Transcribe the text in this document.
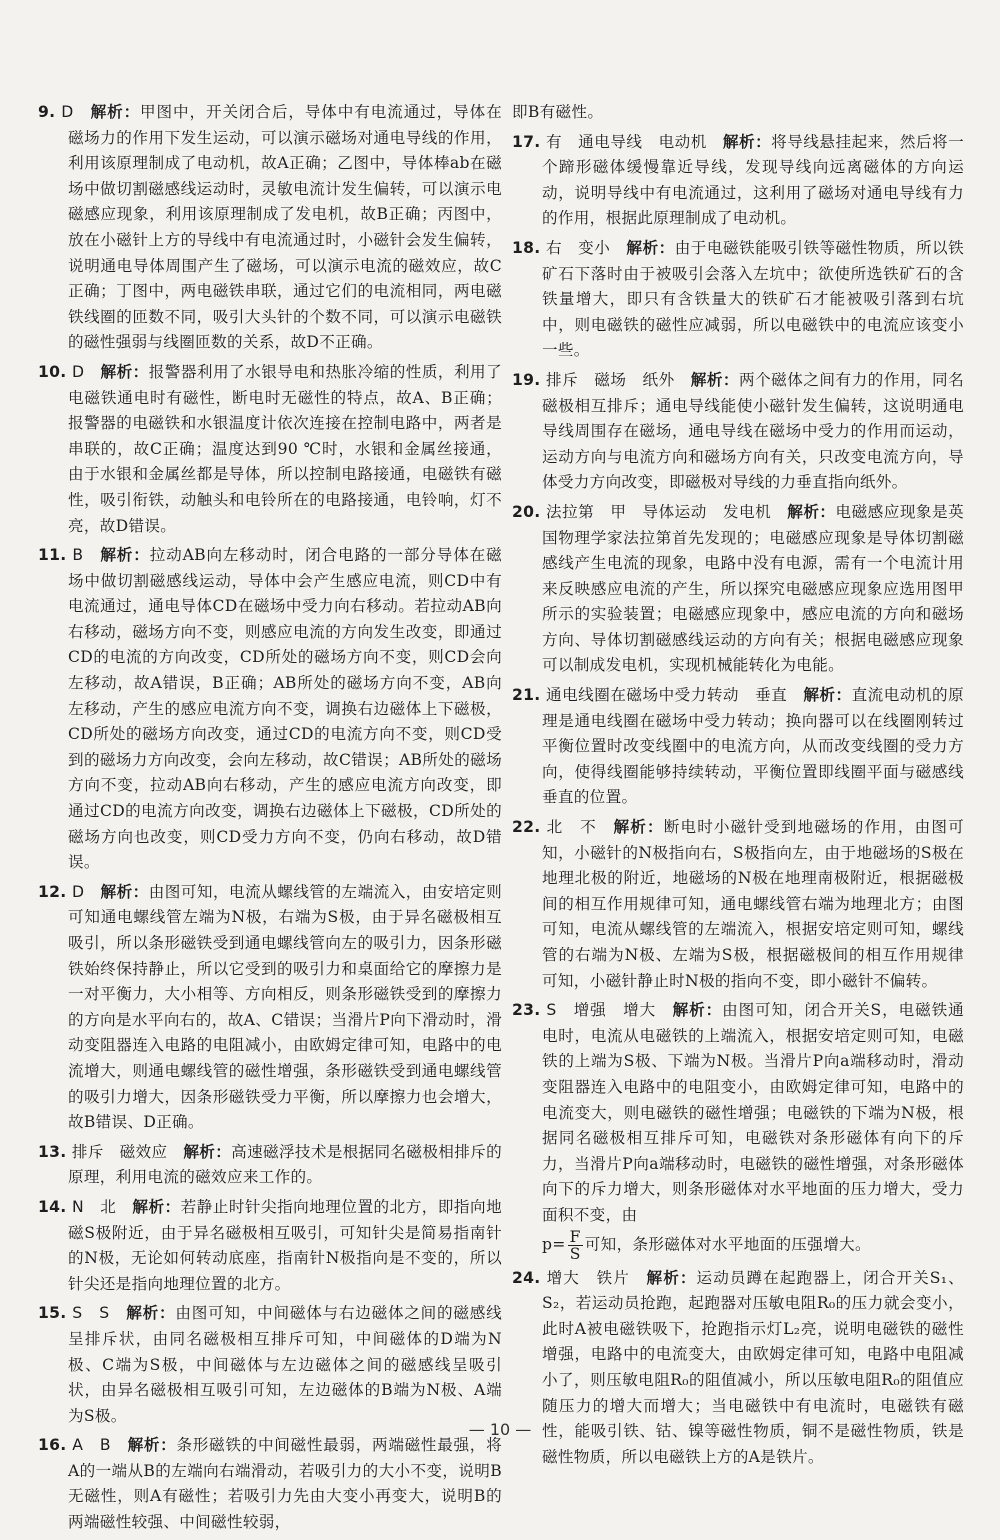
9. D　 解析：甲图中，开关闭合后，导体中有电流通过，导体在磁场力的作用下发生运动，可以演示磁场对通电导线的作用，利用该原理制成了电动机，故A正确；乙图中，导体棒ab在磁场中做切割磁感线运动时，灵敏电流计发生偏转，可以演示电磁感应现象，利用该原理制成了发电机，故B正确；丙图中，放在小磁针上方的导线中有电流通过时，小磁针会发生偏转，说明通电导体周围产生了磁场，可以演示电流的磁效应，故C正确；丁图中，两电磁铁串联，通过它们的电流相同，两电磁铁线圈的匝数不同，吸引大头针的个数不同，可以演示电磁铁的磁性强弱与线圈匝数的关系，故D不正确。

10. D　 解析：报警器利用了水银导电和热胀冷缩的性质，利用了电磁铁通电时有磁性，断电时无磁性的特点，故A、B正确；报警器的电磁铁和水银温度计依次连接在控制电路中，两者是串联的，故C正确；温度达到90 ℃时，水银和金属丝接通，由于水银和金属丝都是导体，所以控制电路接通，电磁铁有磁性，吸引衔铁，动触头和电铃所在的电路接通，电铃响，灯不亮，故D错误。

11. B　 解析：拉动AB向左移动时，闭合电路的一部分导体在磁场中做切割磁感线运动，导体中会产生感应电流，则CD中有电流通过，通电导体CD在磁场中受力向右移动。若拉动AB向右移动，磁场方向不变，则感应电流的方向发生改变，即通过CD的电流的方向改变，CD所处的磁场方向不变，则CD会向左移动，故A错误，B正确；AB所处的磁场方向不变，AB向左移动，产生的感应电流方向不变，调换右边磁体上下磁极，CD所处的磁场方向改变，通过CD的电流方向不变，则CD受到的磁场力方向改变，会向左移动，故C错误；AB所处的磁场方向不变，拉动AB向右移动，产生的感应电流方向改变，即通过CD的电流方向改变，调换右边磁体上下磁极，CD所处的磁场方向也改变，则CD受力方向不变，仍向右移动，故D错误。

12. D　 解析：由图可知，电流从螺线管的左端流入，由安培定则可知通电螺线管左端为N极，右端为S极，由于异名磁极相互吸引，所以条形磁铁受到通电螺线管向左的吸引力，因条形磁铁始终保持静止，所以它受到的吸引力和桌面给它的摩擦力是一对平衡力，大小相等、方向相反，则条形磁铁受到的摩擦力的方向是水平向右的，故A、C错误；当滑片P向下滑动时，滑动变阻器连入电路的电阻减小，由欧姆定律可知，电路中的电流增大，则通电螺线管的磁性增强，条形磁铁受到通电螺线管的吸引力增大，因条形磁铁受力平衡，所以摩擦力也会增大，故B错误、D正确。

13. 排斥　磁效应　 解析：高速磁浮技术是根据同名磁极相排斥的原理，利用电流的磁效应来工作的。

14. N　北　 解析：若静止时针尖指向地理位置的北方，即指向地磁S极附近，由于异名磁极相互吸引，可知针尖是简易指南针的N极，无论如何转动底座，指南针N极指向是不变的，所以针尖还是指向地理位置的北方。

15. S　S　 解析：由图可知，中间磁体与右边磁体之间的磁感线呈排斥状，由同名磁极相互排斥可知，中间磁体的D端为N极、C端为S极，中间磁体与左边磁体之间的磁感线呈吸引状，由异名磁极相互吸引可知，左边磁体的B端为N极、A端为S极。

16. A　B　 解析：条形磁铁的中间磁性最弱，两端磁性最强，将A的一端从B的左端向右端滑动，若吸引力的大小不变，说明B无磁性，则A有磁性；若吸引力先由大变小再变大，说明B的两端磁性较强、中间磁性较弱，

即B有磁性。

17. 有　通电导线　电动机　 解析：将导线悬挂起来，然后将一个蹄形磁体缓慢靠近导线，发现导线向远离磁体的方向运动，说明导线中有电流通过，这利用了磁场对通电导线有力的作用，根据此原理制成了电动机。

18. 右　变小　 解析：由于电磁铁能吸引铁等磁性物质，所以铁矿石下落时由于被吸引会落入左坑中；欲使所选铁矿石的含铁量增大，即只有含铁量大的铁矿石才能被吸引落到右坑中，则电磁铁的磁性应减弱，所以电磁铁中的电流应该变小一些。

19. 排斥　磁场　纸外　 解析：两个磁体之间有力的作用，同名磁极相互排斥；通电导线能使小磁针发生偏转，这说明通电导线周围存在磁场，通电导线在磁场中受力的作用而运动，运动方向与电流方向和磁场方向有关，只改变电流方向，导体受力方向改变，即磁极对导线的力垂直指向纸外。

20. 法拉第　甲　导体运动　发电机　 解析：电磁感应现象是英国物理学家法拉第首先发现的；电磁感应现象是导体切割磁感线产生电流的现象，电路中没有电源，需有一个电流计用来反映感应电流的产生，所以探究电磁感应现象应选用图甲所示的实验装置；电磁感应现象中，感应电流的方向和磁场方向、导体切割磁感线运动的方向有关；根据电磁感应现象可以制成发电机，实现机械能转化为电能。

21. 通电线圈在磁场中受力转动　垂直　 解析：直流电动机的原理是通电线圈在磁场中受力转动；换向器可以在线圈刚转过平衡位置时改变线圈中的电流方向，从而改变线圈的受力方向，使得线圈能够持续转动，平衡位置即线圈平面与磁感线垂直的位置。

22. 北　不　 解析：断电时小磁针受到地磁场的作用，由图可知，小磁针的N极指向右，S极指向左，由于地磁场的S极在地理北极的附近，地磁场的N极在地理南极附近，根据磁极间的相互作用规律可知，通电螺线管右端为地理北方；由图可知，电流从螺线管的左端流入，根据安培定则可知，螺线管的右端为N极、左端为S极，根据磁极间的相互作用规律可知，小磁针静止时N极的指向不变，即小磁针不偏转。

23. S　增强　增大　 解析：由图可知，闭合开关S，电磁铁通电时，电流从电磁铁的上端流入，根据安培定则可知，电磁铁的上端为S极、下端为N极。当滑片P向a端移动时，滑动变阻器连入电路中的电阻变小，由欧姆定律可知，电路中的电流变大，则电磁铁的磁性增强；电磁铁的下端为N极，根据同名磁极相互排斥可知，电磁铁对条形磁体有向下的斥力，当滑片P向a端移动时，电磁铁的磁性增强，对条形磁体向下的斥力增大，则条形磁体对水平地面的压力增大，受力面积不变，由
$p= \frac{F}{S}$ 可知，条形磁体对水平地面的压强增大。

24. 增大　铁片　 解析：运动员蹲在起跑器上，闭合开关S₁、S₂，若运动员抢跑，起跑器对压敏电阻R₀的压力就会变小，此时A被电磁铁吸下，抢跑指示灯L₂亮，说明电磁铁的磁性增强，电路中的电流变大，由欧姆定律可知，电路中电阻减小了，则压敏电阻R₀的阻值减小，所以压敏电阻R₀的阻值应随压力的增大而增大；当电磁铁中有电流时，电磁铁有磁性，能吸引铁、钴、镍等磁性物质，铜不是磁性物质，铁是磁性物质，所以电磁铁上方的A是铁片。

— 10 —
